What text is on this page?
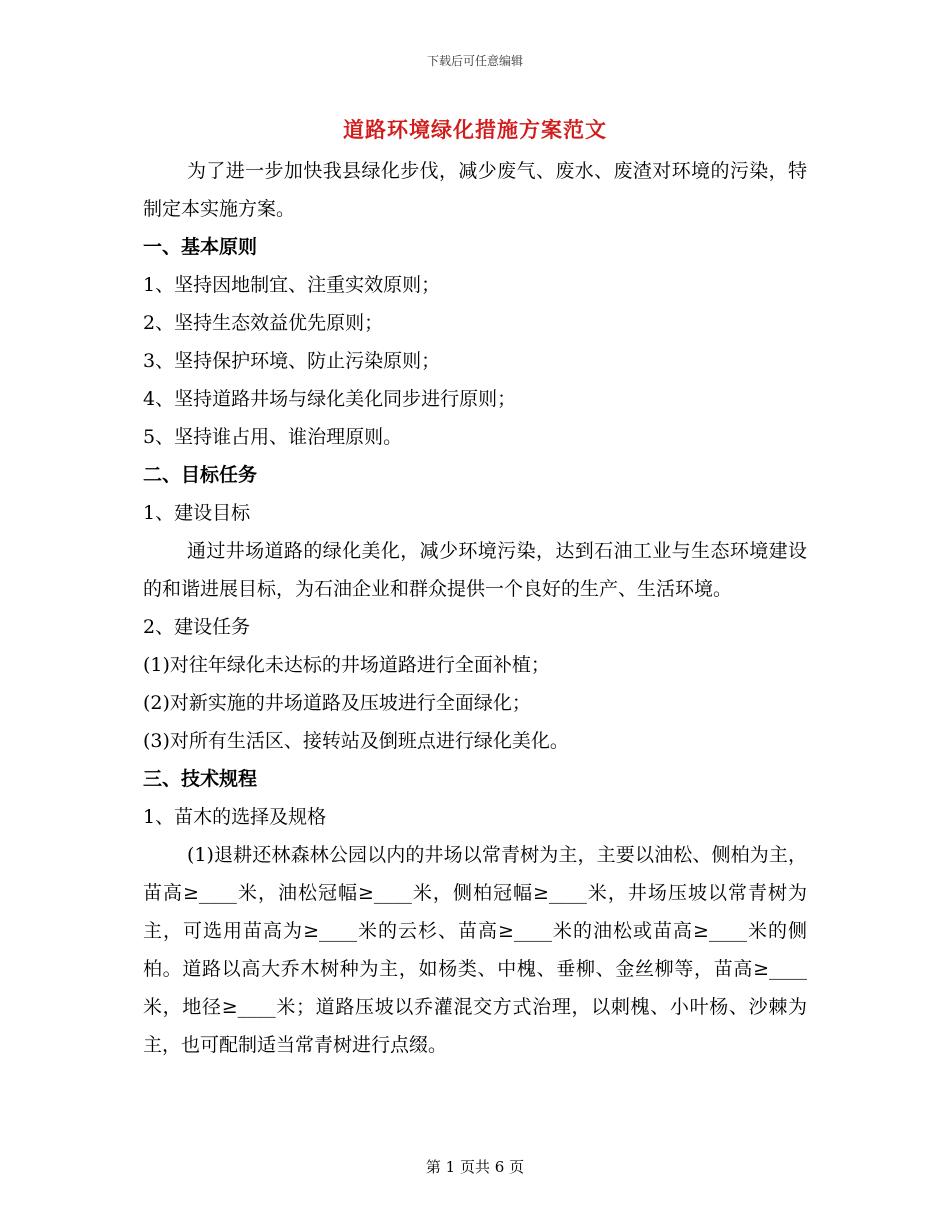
下载后可任意编辑
道路环境绿化措施方案范文

为了进一步加快我县绿化步伐，减少废气、废水、废渣对环境的污染，特制定本实施方案。

一、基本原则

1、坚持因地制宜、注重实效原则；

2、坚持生态效益优先原则；

3、坚持保护环境、防止污染原则；

4、坚持道路井场与绿化美化同步进行原则；

5、坚持谁占用、谁治理原则。

二、目标任务

1、建设目标

通过井场道路的绿化美化，减少环境污染，达到石油工业与生态环境建设的和谐进展目标，为石油企业和群众提供一个良好的生产、生活环境。

2、建设任务

(1)对往年绿化未达标的井场道路进行全面补植；

(2)对新实施的井场道路及压坡进行全面绿化；

(3)对所有生活区、接转站及倒班点进行绿化美化。

三、技术规程

1、苗木的选择及规格

(1)退耕还林森林公园以内的井场以常青树为主，主要以油松、侧柏为主，苗高≥____米，油松冠幅≥____米，侧柏冠幅≥____米，井场压坡以常青树为主，可选用苗高为≥____米的云杉、苗高≥____米的油松或苗高≥____米的侧柏。道路以高大乔木树种为主，如杨类、中槐、垂柳、金丝柳等，苗高≥____米，地径≥____米；道路压坡以乔灌混交方式治理，以刺槐、小叶杨、沙棘为主，也可配制适当常青树进行点缀。

第 1 页共 6 页
